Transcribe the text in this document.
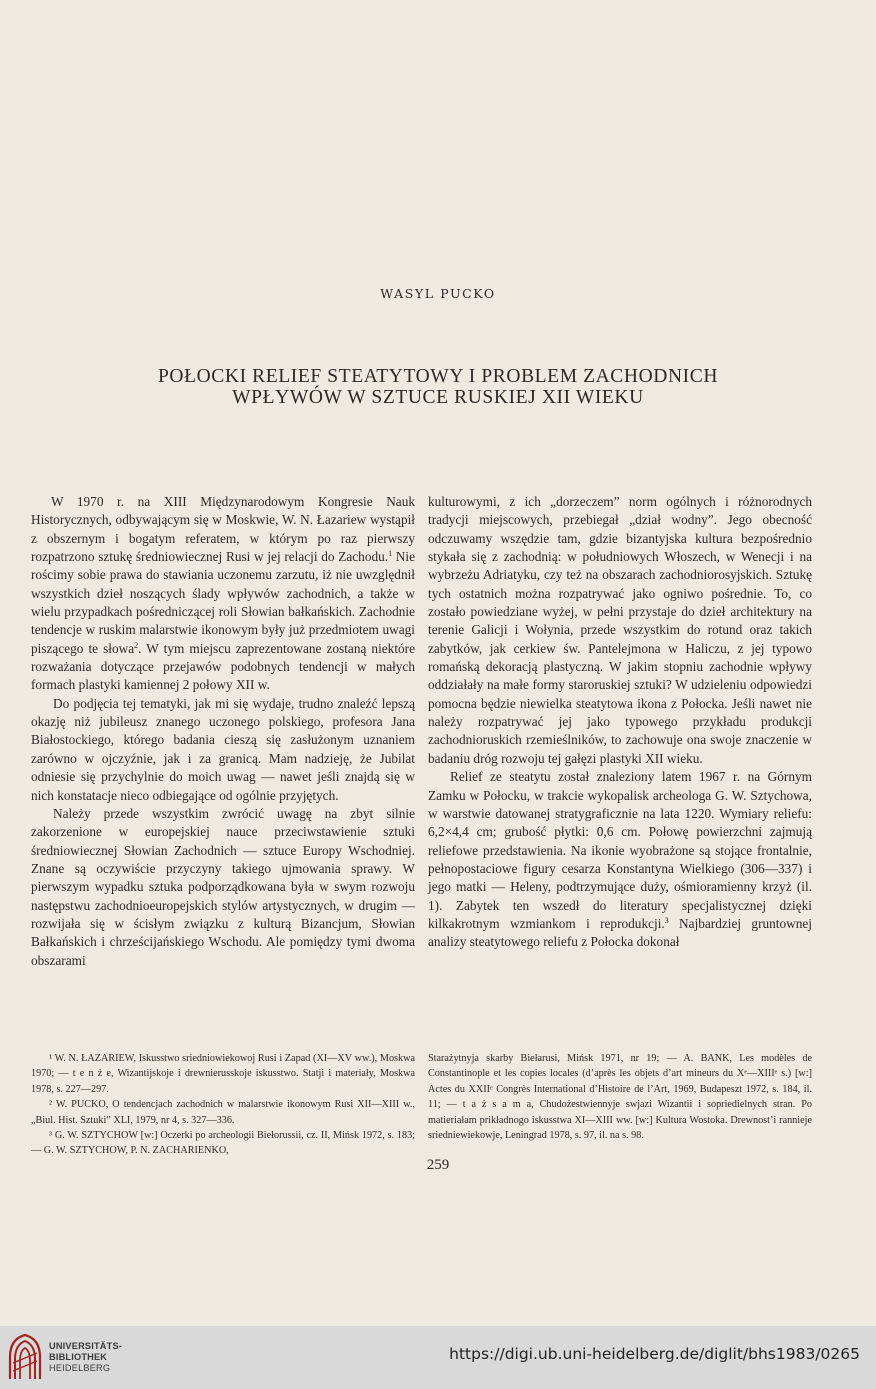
WASYL PUCKO
POŁOCKI RELIEF STEATYTOWY I PROBLEM ZACHODNICH
WPŁYWÓW W SZTUCE RUSKIEJ XII WIEKU

W 1970 r. na XIII Międzynarodowym Kongresie Nauk Historycznych, odbywającym się w Moskwie, W. N. Łazariew wystąpił z obszernym i bogatym referatem, w którym po raz pierwszy rozpatrzono sztukę średniowiecznej Rusi w jej relacji do Zachodu.$^1$ Nie rościmy sobie prawa do stawiania uczonemu zarzutu, iż nie uwzględnił wszystkich dzieł noszących ślady wpływów zachodnich, a także w wielu przypadkach pośredniczącej roli Słowian bałkańskich. Zachodnie tendencje w ruskim malarstwie ikonowym były już przedmiotem uwagi piszącego te słowa$^2$. W tym miejscu zaprezentowane zostaną niektóre rozważania dotyczące przejawów podobnych tendencji w małych formach plastyki kamiennej 2 połowy XII w.

Do podjęcia tej tematyki, jak mi się wydaje, trudno znaleźć lepszą okazję niż jubileusz znanego uczonego polskiego, profesora Jana Białostockiego, którego badania cieszą się zasłużonym uznaniem zarówno w ojczyźnie, jak i za granicą. Mam nadzieję, że Jubilat odniesie się przychylnie do moich uwag — nawet jeśli znajdą się w nich konstatacje nieco odbiegające od ogólnie przyjętych.

Należy przede wszystkim zwrócić uwagę na zbyt silnie zakorzenione w europejskiej nauce przeciwstawienie sztuki średniowiecznej Słowian Zachodnich — sztuce Europy Wschodniej. Znane są oczywiście przyczyny takiego ujmowania sprawy. W pierwszym wypadku sztuka podporządkowana była w swym rozwoju następstwu zachodnioeuropejskich stylów artystycznych, w drugim — rozwijała się w ścisłym związku z kulturą Bizancjum, Słowian Bałkańskich i chrześcijańskiego Wschodu. Ale pomiędzy tymi dwoma obszarami

kulturowymi, z ich „dorzeczem” norm ogólnych i różnorodnych tradycji miejscowych, przebiegał „dział wodny”. Jego obecność odczuwamy wszędzie tam, gdzie bizantyjska kultura bezpośrednio stykała się z zachodnią: w południowych Włoszech, w Wenecji i na wybrzeżu Adriatyku, czy też na obszarach zachodniorosyjskich. Sztukę tych ostatnich można rozpatrywać jako ogniwo pośrednie. To, co zostało powiedziane wyżej, w pełni przystaje do dzieł architektury na terenie Galicji i Wołynia, przede wszystkim do rotund oraz takich zabytków, jak cerkiew św. Pantelejmona w Haliczu, z jej typowo romańską dekoracją plastyczną. W jakim stopniu zachodnie wpływy oddziałały na małe formy staroruskiej sztuki? W udzieleniu odpowiedzi pomocna będzie niewielka steatytowa ikona z Połocka. Jeśli nawet nie należy rozpatrywać jej jako typowego przykładu produkcji zachodnioruskich rzemieślników, to zachowuje ona swoje znaczenie w badaniu dróg rozwoju tej gałęzi plastyki XII wieku.

Relief ze steatytu został znaleziony latem 1967 r. na Górnym Zamku w Połocku, w trakcie wykopalisk archeologa G. W. Sztychowa, w warstwie datowanej stratygraficznie na lata 1220. Wymiary reliefu: 6,2×4,4 cm; grubość płytki: 0,6 cm. Połowę powierzchni zajmują reliefowe przedstawienia. Na ikonie wyobrażone są stojące frontalnie, pełnopostaciowe figury cesarza Konstantyna Wielkiego (306—337) i jego matki — Heleny, podtrzymujące duży, ośmioramienny krzyż (il. 1). Zabytek ten wszedł do literatury specjalistycznej dzięki kilkakrotnym wzmiankom i reprodukcji.$^3$ Najbardziej gruntownej analizy steatytowego reliefu z Połocka dokonał

¹ W. N. ŁAZARIEW, Iskusstwo sriedniowiekowoj Rusi i Zapad (XI—XV ww.), Moskwa 1970; — t e n ż e, Wizantijskoje i drewnierusskoje iskusstwo. Statji i materiały, Moskwa 1978, s. 227—297.

² W. PUCKO, O tendencjach zachodnich w malarstwie ikonowym Rusi XII—XIII w., „Biul. Hist. Sztuki” XLI, 1979, nr 4, s. 327—336.

³ G. W. SZTYCHOW [w:] Oczerki po archeologii Biełorussii, cz. II, Mińsk 1972, s. 183; — G. W. SZTYCHOW, P. N. ZACHARIENKO,

Starażytnyja skarby Biełarusi, Mińsk 1971, nr 19; — A. BANK, Les modèles de Constantinople et les copies locales (d’après les objets d’art mineurs du Xᵉ—XIIIᵉ s.) [w:] Actes du XXIIᵉ Congrès International d’Histoire de l’Art, 1969, Budapeszt 1972, s. 184, il. 11; — t a ż s a m a, Chudożestwiennyje swjazi Wizantii i sopriedielnych stran. Po matieriałam prikładnogo iskusstwa XI—XIII ww. [w:] Kultura Wostoka. Drewnost’i rannieje sriedniewiekowje, Leningrad 1978, s. 97, il. na s. 98.

259
UNIVERSITÄTS-
BIBLIOTHEK
HEIDELBERG
https://digi.ub.uni-heidelberg.de/diglit/bhs1983/0265
